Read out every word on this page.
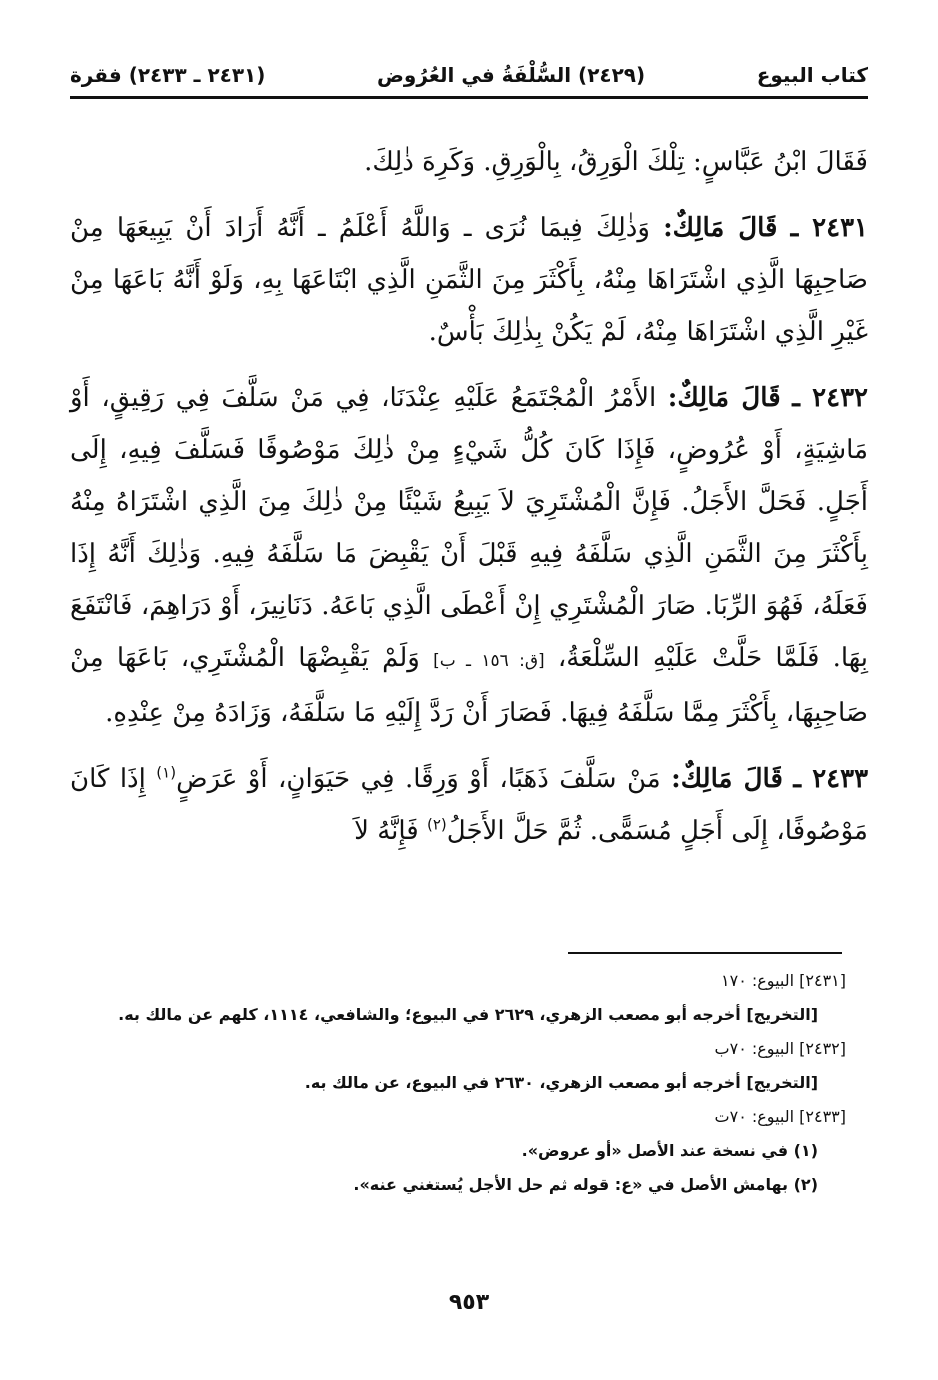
كتاب البيوع
(٢٤٢٩) السُّلْفَةُ في العُرُوض
(٢٤٣١ ـ ٢٤٣٣) فقرة

فَقَالَ ابْنُ عَبَّاسٍ: تِلْكَ الْوَرِقُ، بِالْوَرِقِ. وَكَرِهَ ذٰلِكَ.

٢٤٣١ ـ قَالَ مَالِكٌ: وَذٰلِكَ فِيمَا نُرَى ـ وَاللَّهُ أَعْلَمُ ـ أَنَّهُ أَرَادَ أَنْ يَبِيعَهَا مِنْ صَاحِبِهَا الَّذِي اشْتَرَاهَا مِنْهُ، بِأَكْثَرَ مِنَ الثَّمَنِ الَّذِي ابْتَاعَهَا بِهِ، وَلَوْ أَنَّهُ بَاعَهَا مِنْ غَيْرِ الَّذِي اشْتَرَاهَا مِنْهُ، لَمْ يَكُنْ بِذٰلِكَ بَأْسٌ.

٢٤٣٢ ـ قَالَ مَالِكٌ: الأَمْرُ الْمُجْتَمَعُ عَلَيْهِ عِنْدَنَا، فِي مَنْ سَلَّفَ فِي رَقِيقٍ، أَوْ مَاشِيَةٍ، أَوْ عُرُوضٍ، فَإِذَا كَانَ كُلُّ شَيْءٍ مِنْ ذٰلِكَ مَوْصُوفًا فَسَلَّفَ فِيهِ، إِلَى أَجَلٍ. فَحَلَّ الأَجَلُ. فَإِنَّ الْمُشْتَرِيَ لاَ يَبِيعُ شَيْئًا مِنْ ذٰلِكَ مِنَ الَّذِي اشْتَرَاهُ مِنْهُ بِأَكْثَرَ مِنَ الثَّمَنِ الَّذِي سَلَّفَهُ فِيهِ قَبْلَ أَنْ يَقْبِضَ مَا سَلَّفَهُ فِيهِ. وَذٰلِكَ أَنَّهُ إِذَا فَعَلَهُ، فَهُوَ الرِّبَا. صَارَ الْمُشْتَرِي إِنْ أَعْطَى الَّذِي بَاعَهُ. دَنَانِيرَ، أَوْ دَرَاهِمَ، فَانْتَفَعَ بِهَا. فَلَمَّا حَلَّتْ عَلَيْهِ السِّلْعَةُ، [ق: ١٥٦ ـ ب] وَلَمْ يَقْبِضْهَا الْمُشْتَرِي، بَاعَهَا مِنْ صَاحِبِهَا، بِأَكْثَرَ مِمَّا سَلَّفَهُ فِيهَا. فَصَارَ أَنْ رَدَّ إِلَيْهِ مَا سَلَّفَهُ، وَزَادَهُ مِنْ عِنْدِهِ.

٢٤٣٣ ـ قَالَ مَالِكٌ: مَنْ سَلَّفَ ذَهَبًا، أَوْ وَرِقًا. فِي حَيَوَانٍ، أَوْ عَرَضٍ$^{(١)}$ إِذَا كَانَ مَوْصُوفًا، إِلَى أَجَلٍ مُسَمًّى. ثُمَّ حَلَّ الأَجَلُ$^{(٢)}$ فَإِنَّهُ لاَ

[٢٤٣١] البيوع: ١٧٠

[التخريج] أخرجه أبو مصعب الزهري، ٢٦٢٩ في البيوع؛ والشافعي، ١١١٤، كلهم عن مالك به.

[٢٤٣٢] البيوع: ٧٠ب

[التخريج] أخرجه أبو مصعب الزهري، ٢٦٣٠ في البيوع، عن مالك به.

[٢٤٣٣] البيوع: ٧٠ت

(١) في نسخة عند الأصل «أو عروض».

(٢) بهامش الأصل في «ع: قوله ثم حل الأجل يُستغني عنه».

٩٥٣
